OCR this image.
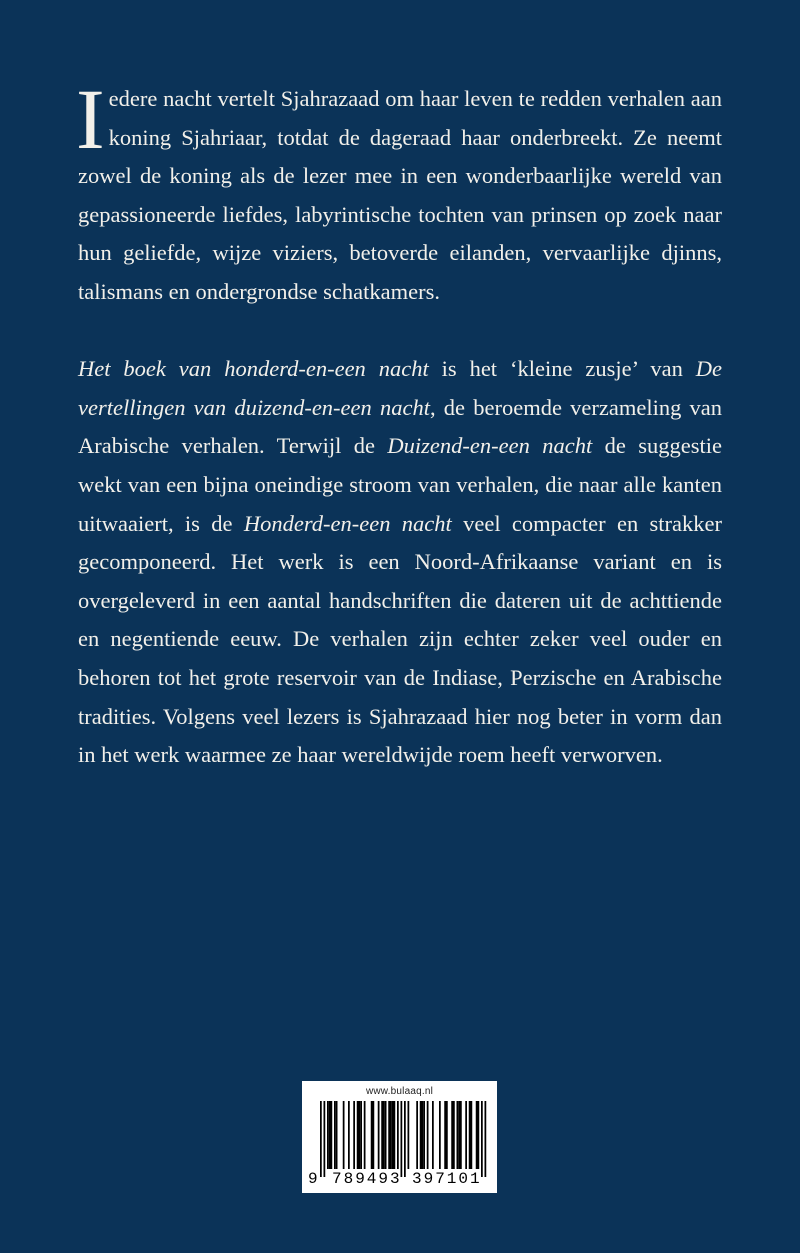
Iedere nacht vertelt Sjahrazaad om haar leven te redden verhalen aan koning Sjahriaar, totdat de dageraad haar onderbreekt. Ze neemt zowel de koning als de lezer mee in een wonderbaarlijke wereld van gepassioneerde liefdes, labyrintische tochten van prinsen op zoek naar hun geliefde, wijze viziers, betoverde eilanden, vervaarlijke djinns, talismans en ondergrondse schatkamers.

Het boek van honderd-en-een nacht is het ‘kleine zusje’ van De vertellingen van duizend-en-een nacht, de beroemde verzameling van Arabische verhalen. Terwijl de Duizend-en-een nacht de suggestie wekt van een bijna oneindige stroom van verhalen, die naar alle kanten uitwaaiert, is de Honderd-en-een nacht veel compacter en strakker gecomponeerd. Het werk is een Noord-Afrikaanse variant en is overgeleverd in een aantal handschriften die dateren uit de achttiende en negentiende eeuw. De verhalen zijn echter zeker veel ouder en behoren tot het grote reservoir van de Indiase, Perzische en Arabische tradities. Volgens veel lezers is Sjahrazaad hier nog beter in vorm dan in het werk waarmee ze haar wereldwijde roem heeft verworven.

www.bulaaq.nl
9 789493 397101
